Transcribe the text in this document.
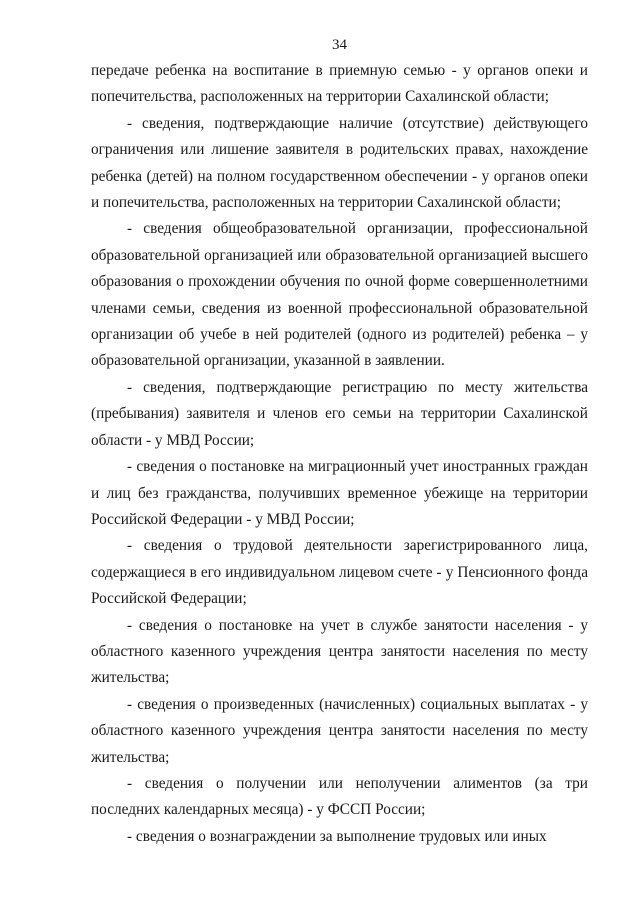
34

передаче ребенка на воспитание в приемную семью - у органов опеки и попечительства, расположенных на территории Сахалинской области;

- сведения, подтверждающие наличие (отсутствие) действующего ограничения или лишение заявителя в родительских правах, нахождение ребенка (детей) на полном государственном обеспечении - у органов опеки и попечительства, расположенных на территории Сахалинской области;

- сведения общеобразовательной организации, профессиональной образовательной организацией или образовательной организацией высшего образования о прохождении обучения по очной форме совершеннолетними членами семьи, сведения из военной профессиональной образовательной организации об учебе в ней родителей (одного из родителей) ребенка – у образовательной организации, указанной в заявлении.

- сведения, подтверждающие регистрацию по месту жительства (пребывания) заявителя и членов его семьи на территории Сахалинской области - у МВД России;

- сведения о постановке на миграционный учет иностранных граждан и лиц без гражданства, получивших временное убежище на территории Российской Федерации - у МВД России;

- сведения о трудовой деятельности зарегистрированного лица, содержащиеся в его индивидуальном лицевом счете - у Пенсионного фонда Российской Федерации;

- сведения о постановке на учет в службе занятости населения - у областного казенного учреждения центра занятости населения по месту жительства;

- сведения о произведенных (начисленных) социальных выплатах - у областного казенного учреждения центра занятости населения по месту жительства;

- сведения о получении или неполучении алиментов (за три последних календарных месяца) - у ФССП России;

- сведения о вознаграждении за выполнение трудовых или иных
